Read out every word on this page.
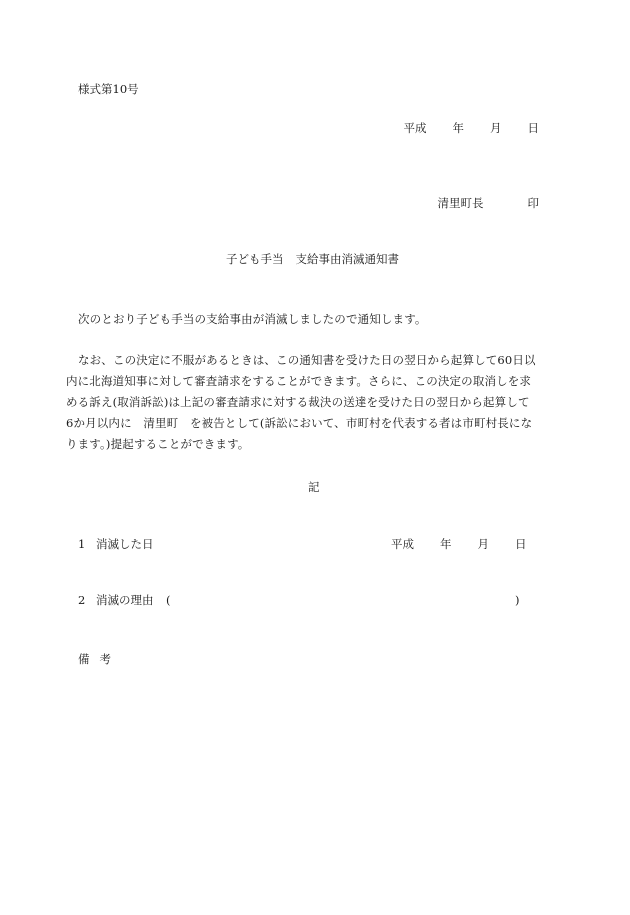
様式第10号
平成 年 月 日
清里町長	印
子ども手当 支給事由消滅通知書

次のとおり子ども手当の支給事由が消滅しましたので通知します。

なお、この決定に不服があるときは、この通知書を受けた日の翌日から起算して60日以内に北海道知事に対して審査請求をすることができます。さらに、この決定の取消しを求める訴え(取消訴訟)は上記の審査請求に対する裁決の送達を受けた日の翌日から起算して6か月以内に　清里町　を被告として(訴訟において、市町村を代表する者は市町村長になります。)提起することができます。

記
1 消滅した日	平成 年 月 日
2 消滅の理由 (	)
備 考
